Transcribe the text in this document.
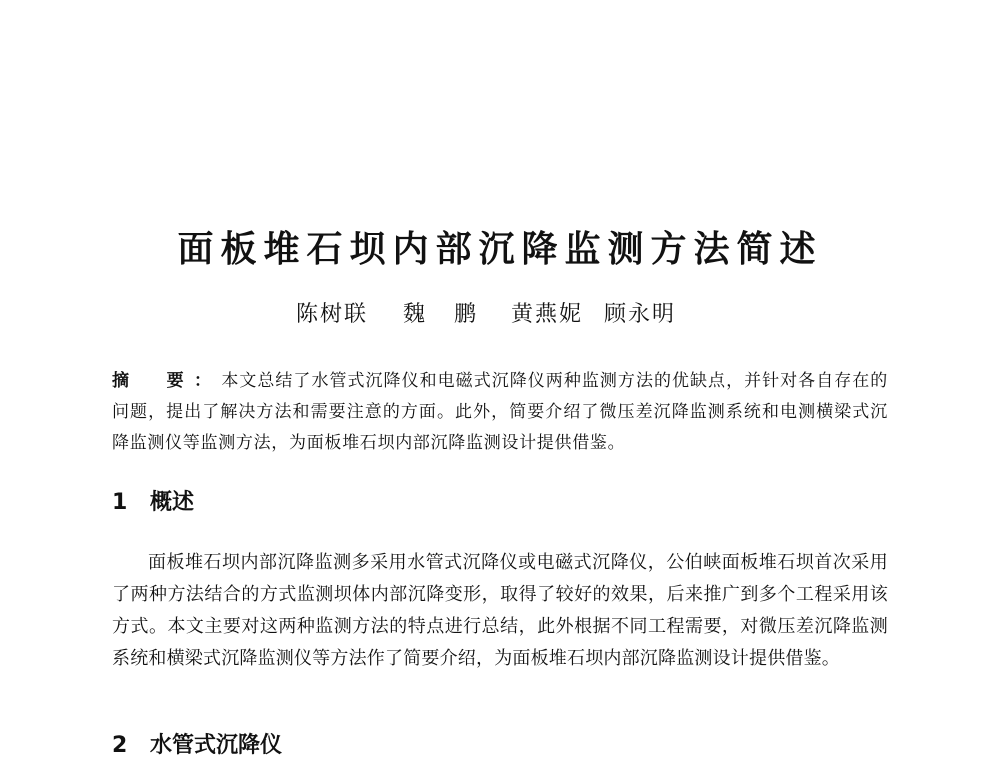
面板堆石坝内部沉降监测方法简述
陈树联 魏 鹏 黄燕妮 顾永明
摘　要：本文总结了水管式沉降仪和电磁式沉降仪两种监测方法的优缺点，并针对各自存在的问题，提出了解决方法和需要注意的方面。此外，简要介绍了微压差沉降监测系统和电测横梁式沉降监测仪等监测方法，为面板堆石坝内部沉降监测设计提供借鉴。
1 概述
面板堆石坝内部沉降监测多采用水管式沉降仪或电磁式沉降仪，公伯峡面板堆石坝首次采用了两种方法结合的方式监测坝体内部沉降变形，取得了较好的效果，后来推广到多个工程采用该方式。本文主要对这两种监测方法的特点进行总结，此外根据不同工程需要，对微压差沉降监测系统和横梁式沉降监测仪等方法作了简要介绍，为面板堆石坝内部沉降监测设计提供借鉴。
2 水管式沉降仪
